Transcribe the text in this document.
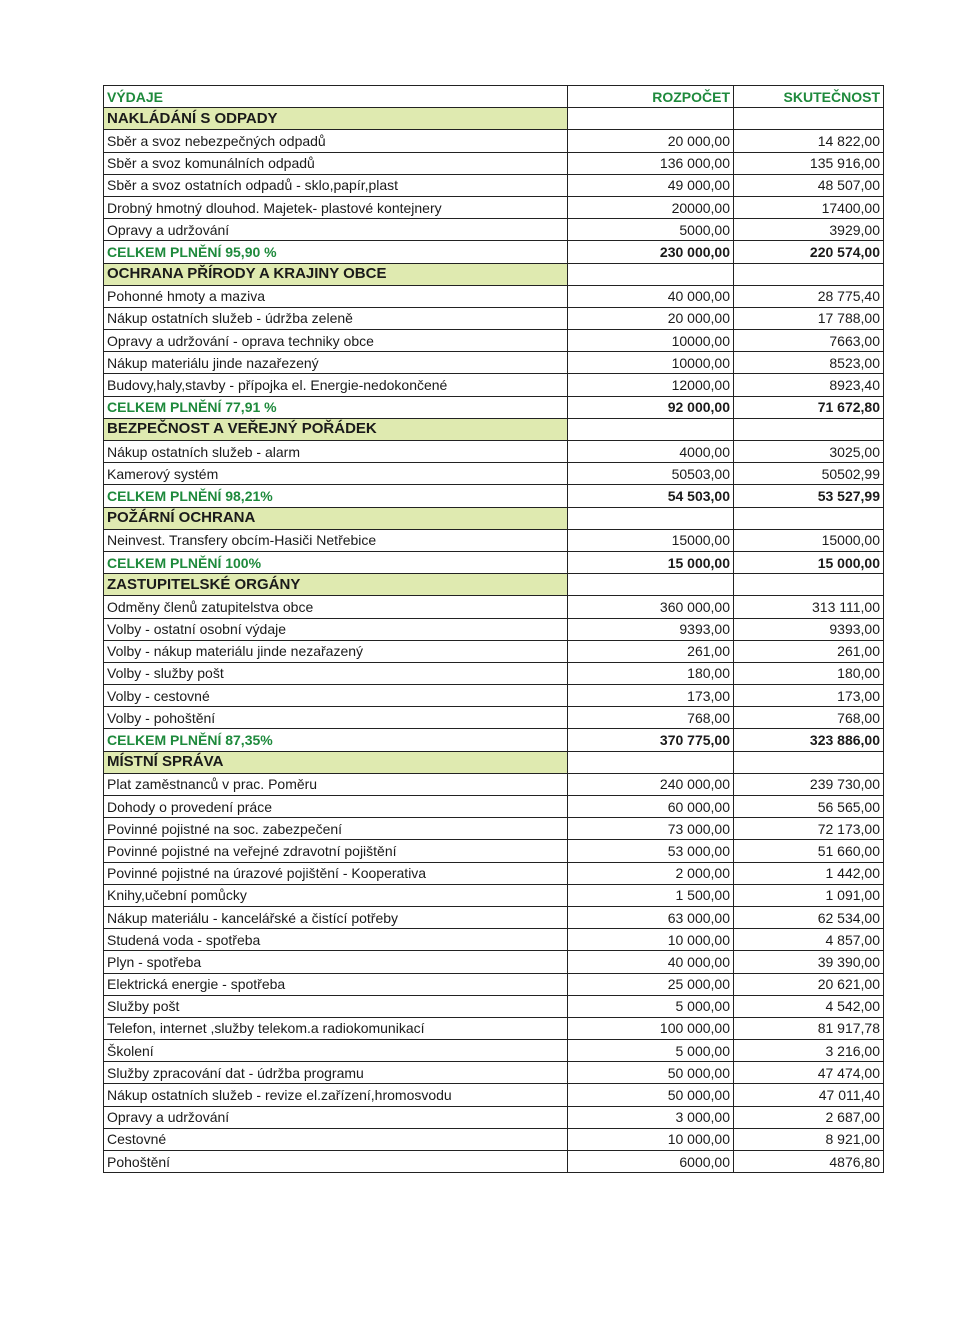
VÝDAJE	ROZPOČET	SKUTEČNOST
NAKLÁDÁNÍ S ODPADY		
Sběr a svoz nebezpečných odpadů	20 000,00	14 822,00
Sběr a svoz komunálních odpadů	136 000,00	135 916,00
Sběr a svoz ostatních odpadů - sklo,papír,plast	49 000,00	48 507,00
Drobný hmotný dlouhod. Majetek- plastové kontejnery	20000,00	17400,00
Opravy a udržování	5000,00	3929,00
CELKEM PLNĚNÍ 95,90 %	230 000,00	220 574,00
OCHRANA PŘÍRODY A KRAJINY OBCE		
Pohonné hmoty a maziva	40 000,00	28 775,40
Nákup ostatních služeb - údržba zeleně	20 000,00	17 788,00
Opravy a udržování - oprava techniky obce	10000,00	7663,00
Nákup materiálu jinde nazařezený	10000,00	8523,00
Budovy,haly,stavby - přípojka el. Energie-nedokončené	12000,00	8923,40
CELKEM PLNĚNÍ 77,91 %	92 000,00	71 672,80
BEZPEČNOST A VEŘEJNÝ POŘÁDEK		
Nákup ostatních služeb - alarm	4000,00	3025,00
Kamerový systém	50503,00	50502,99
CELKEM PLNĚNÍ 98,21%	54 503,00	53 527,99
POŽÁRNÍ OCHRANA		
Neinvest. Transfery obcím-Hasiči Netřebice	15000,00	15000,00
CELKEM PLNĚNÍ 100%	15 000,00	15 000,00
ZASTUPITELSKÉ ORGÁNY		
Odměny členů zatupitelstva obce	360 000,00	313 111,00
Volby - ostatní osobní výdaje	9393,00	9393,00
Volby - nákup materiálu jinde nezařazený	261,00	261,00
Volby - služby pošt	180,00	180,00
Volby - cestovné	173,00	173,00
Volby - pohoštění	768,00	768,00
CELKEM PLNĚNÍ 87,35%	370 775,00	323 886,00
MÍSTNÍ SPRÁVA		
Plat zaměstnanců v prac. Poměru	240 000,00	239 730,00
Dohody o provedení práce	60 000,00	56 565,00
Povinné pojistné na soc. zabezpečení	73 000,00	72 173,00
Povinné pojistné na veřejné zdravotní pojištění	53 000,00	51 660,00
Povinné pojistné na úrazové pojištění - Kooperativa	2 000,00	1 442,00
Knihy,učební pomůcky	1 500,00	1 091,00
Nákup materiálu - kancelářské a čistící potřeby	63 000,00	62 534,00
Studená voda - spotřeba	10 000,00	4 857,00
Plyn - spotřeba	40 000,00	39 390,00
Elektrická energie - spotřeba	25 000,00	20 621,00
Služby pošt	5 000,00	4 542,00
Telefon, internet ,služby telekom.a radiokomunikací	100 000,00	81 917,78
Školení	5 000,00	3 216,00
Služby zpracování dat - údržba programu	50 000,00	47 474,00
Nákup ostatních služeb - revize el.zařízení,hromosvodu	50 000,00	47 011,40
Opravy a udržování	3 000,00	2 687,00
Cestovné	10 000,00	8 921,00
Pohoštění	6000,00	4876,80
